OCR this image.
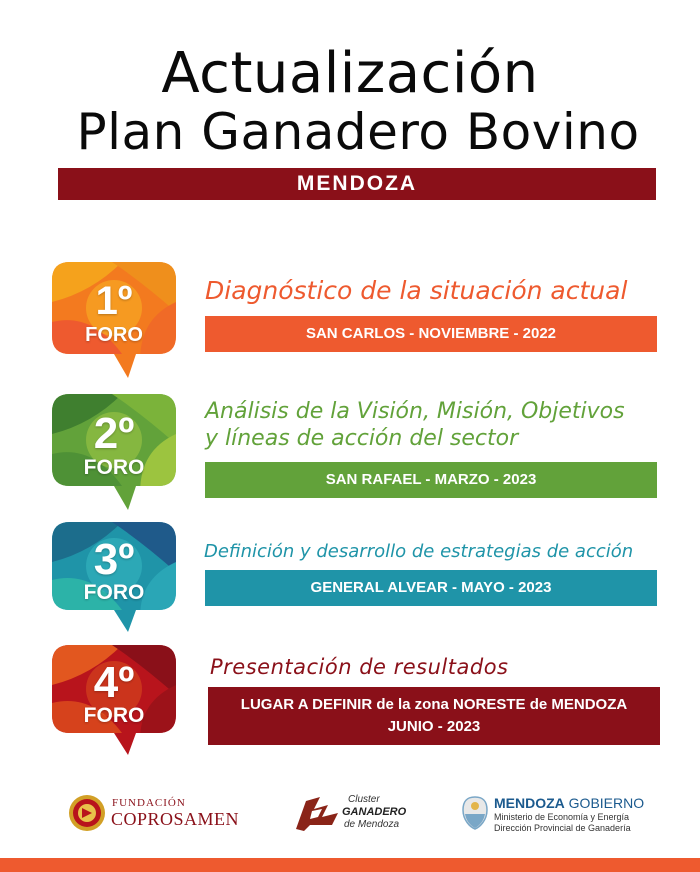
Actualización
Plan Ganadero Bovino
MENDOZA
1º
FORO
Diagnóstico de la situación actual
SAN CARLOS - NOVIEMBRE - 2022
2º
FORO
Análisis de la Visión, Misión, Objetivos
y líneas de acción del sector
SAN RAFAEL - MARZO - 2023
3º
FORO
Definición y desarrollo de estrategias de acción
GENERAL ALVEAR - MAYO - 2023
4º
FORO
Presentación de resultados
LUGAR A DEFINIR de la zona NORESTE de MENDOZA
JUNIO - 2023
FUNDACIÓN
COPROSAMEN
Cluster
GANADERO
de Mendoza
MENDOZA GOBIERNO
Ministerio de Economía y Energía
Dirección Provincial de Ganadería
